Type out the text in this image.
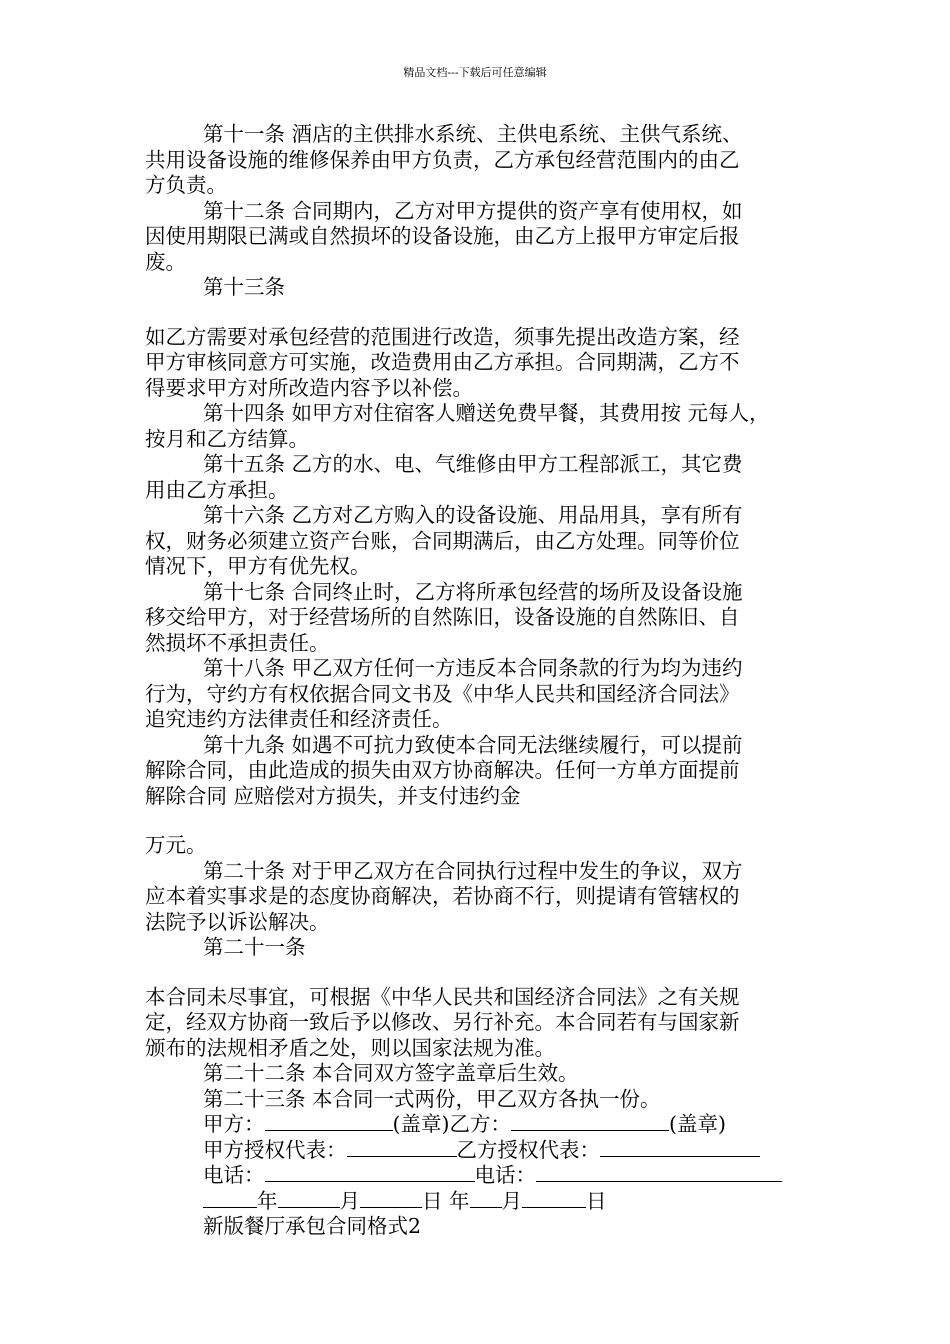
精品文档---下载后可任意编辑
第十一条 酒店的主供排水系统、主供电系统、主供气系统、
共用设备设施的维修保养由甲方负责，乙方承包经营范围内的由乙
方负责。
第十二条 合同期内，乙方对甲方提供的资产享有使用权，如
因使用期限已满或自然损坏的设备设施，由乙方上报甲方审定后报
废。
第十三条
如乙方需要对承包经营的范围进行改造，须事先提出改造方案，经
甲方审核同意方可实施，改造费用由乙方承担。合同期满，乙方不
得要求甲方对所改造内容予以补偿。
第十四条 如甲方对住宿客人赠送免费早餐，其费用按 元每人，
按月和乙方结算。
第十五条 乙方的水、电、气维修由甲方工程部派工，其它费
用由乙方承担。
第十六条 乙方对乙方购入的设备设施、用品用具，享有所有
权，财务必须建立资产台账，合同期满后，由乙方处理。同等价位
情况下，甲方有优先权。
第十七条 合同终止时，乙方将所承包经营的场所及设备设施
移交给甲方，对于经营场所的自然陈旧，设备设施的自然陈旧、自
然损坏不承担责任。
第十八条 甲乙双方任何一方违反本合同条款的行为均为违约
行为，守约方有权依据合同文书及《中华人民共和国经济合同法》
追究违约方法律责任和经济责任。
第十九条 如遇不可抗力致使本合同无法继续履行，可以提前
解除合同，由此造成的损失由双方协商解决。任何一方单方面提前
解除合同 应赔偿对方损失，并支付违约金
万元。
第二十条 对于甲乙双方在合同执行过程中发生的争议，双方
应本着实事求是的态度协商解决，若协商不行，则提请有管辖权的
法院予以诉讼解决。
第二十一条
本合同未尽事宜，可根据《中华人民共和国经济合同法》之有关规
定，经双方协商一致后予以修改、另行补充。本合同若有与国家新
颁布的法规相矛盾之处，则以国家法规为准。
第二十二条 本合同双方签字盖章后生效。
第二十三条 本合同一式两份，甲乙双方各执一份。
甲方：	(盖章)乙方：	(盖章)
甲方授权代表：	乙方授权代表：
电话：	电话：
年	月	日 年 月	日
新版餐厅承包合同格式2
